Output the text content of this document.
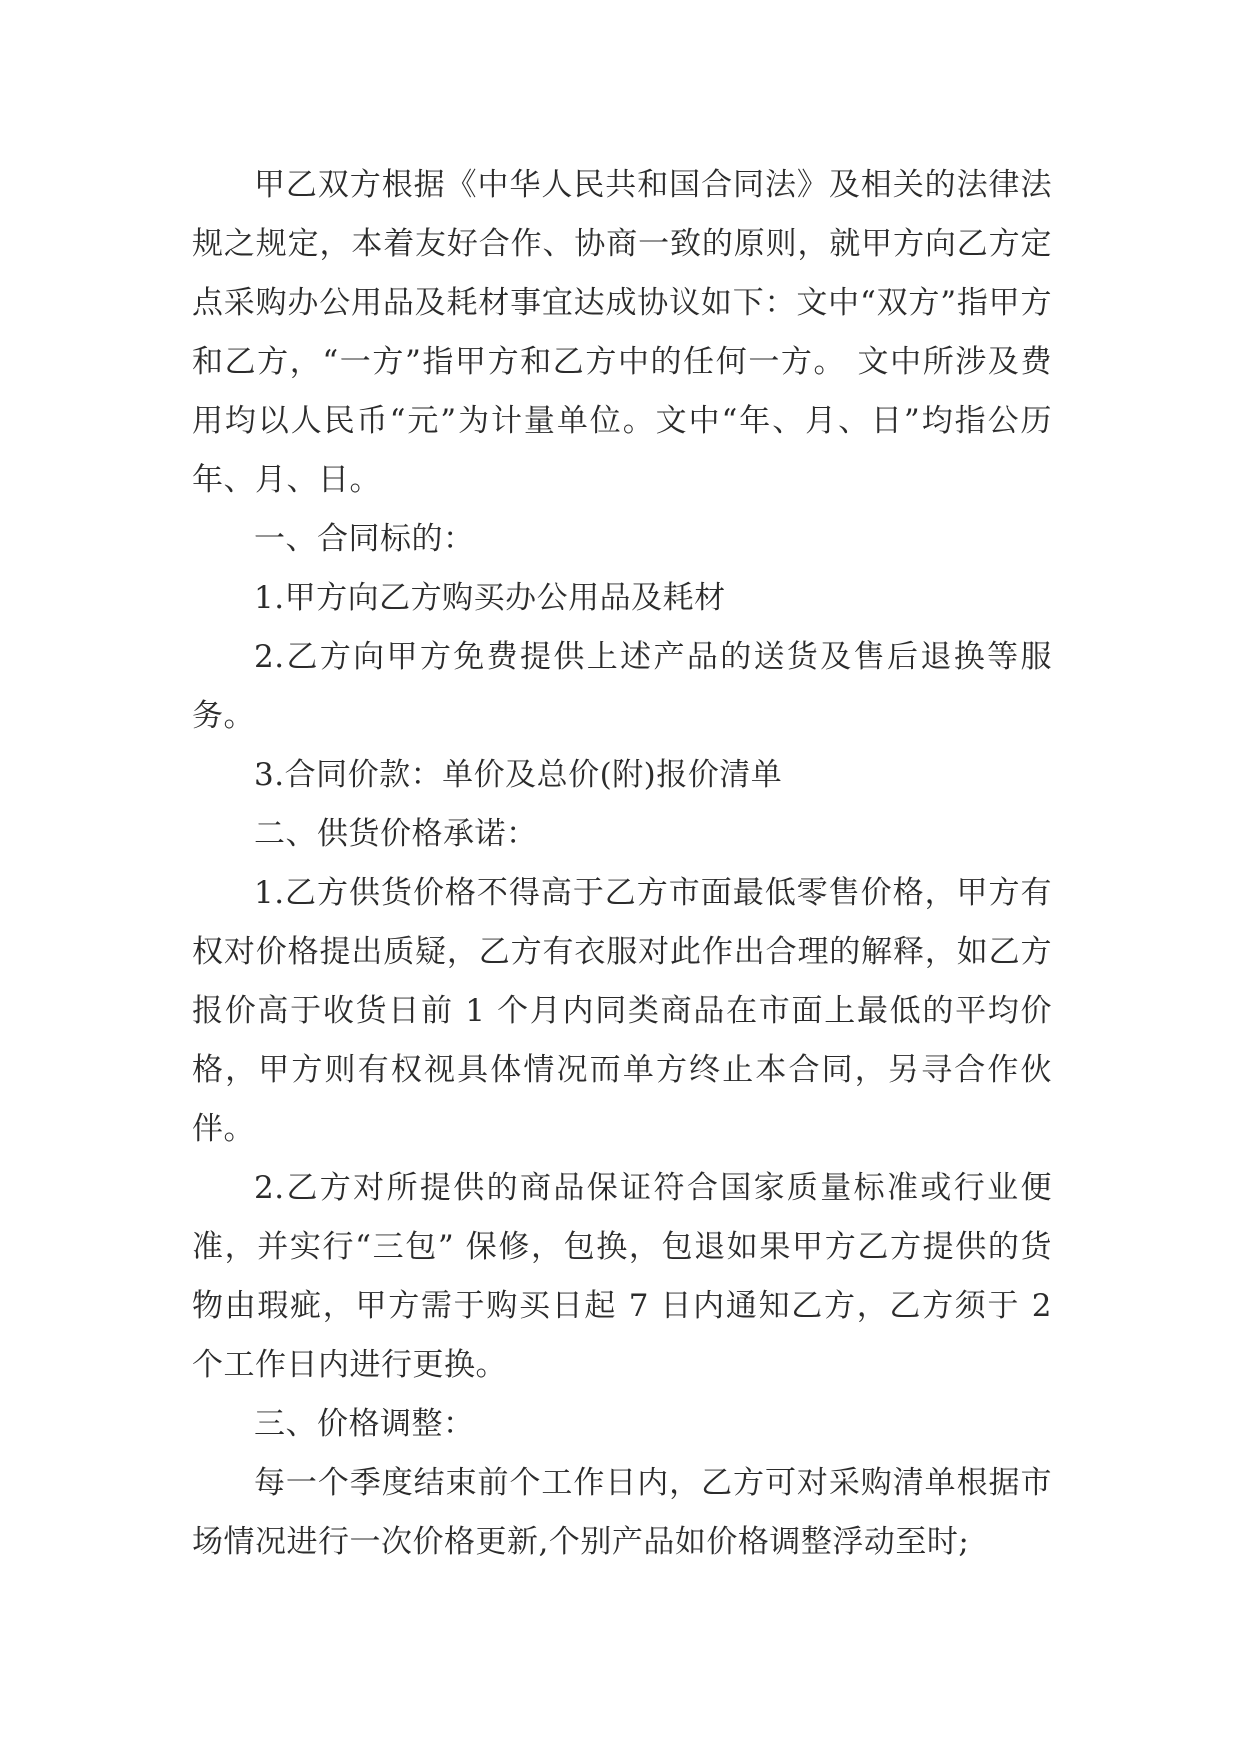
甲乙双方根据《中华人民共和国合同法》及相关的法律法规之规定，本着友好合作、协商一致的原则，就甲方向乙方定点采购办公用品及耗材事宜达成协议如下：文中“双方”指甲方和乙方，“一方”指甲方和乙方中的任何一方。 文中所涉及费用均以人民币“元”为计量单位。文中“年、月、日”均指公历年、月、日。

一、合同标的：

1.甲方向乙方购买办公用品及耗材

2.乙方向甲方免费提供上述产品的送货及售后退换等服务。

3.合同价款：单价及总价(附)报价清单

二、供货价格承诺：

1.乙方供货价格不得高于乙方市面最低零售价格，甲方有权对价格提出质疑，乙方有衣服对此作出合理的解释，如乙方报价高于收货日前 1 个月内同类商品在市面上最低的平均价格，甲方则有权视具体情况而单方终止本合同，另寻合作伙伴。

2.乙方对所提供的商品保证符合国家质量标准或行业便准，并实行“三包” 保修，包换，包退如果甲方乙方提供的货物由瑕疵，甲方需于购买日起 7 日内通知乙方，乙方须于 2 个工作日内进行更换。

三、价格调整：

每一个季度结束前个工作日内，乙方可对采购清单根据市场情况进行一次价格更新,个别产品如价格调整浮动至时;
